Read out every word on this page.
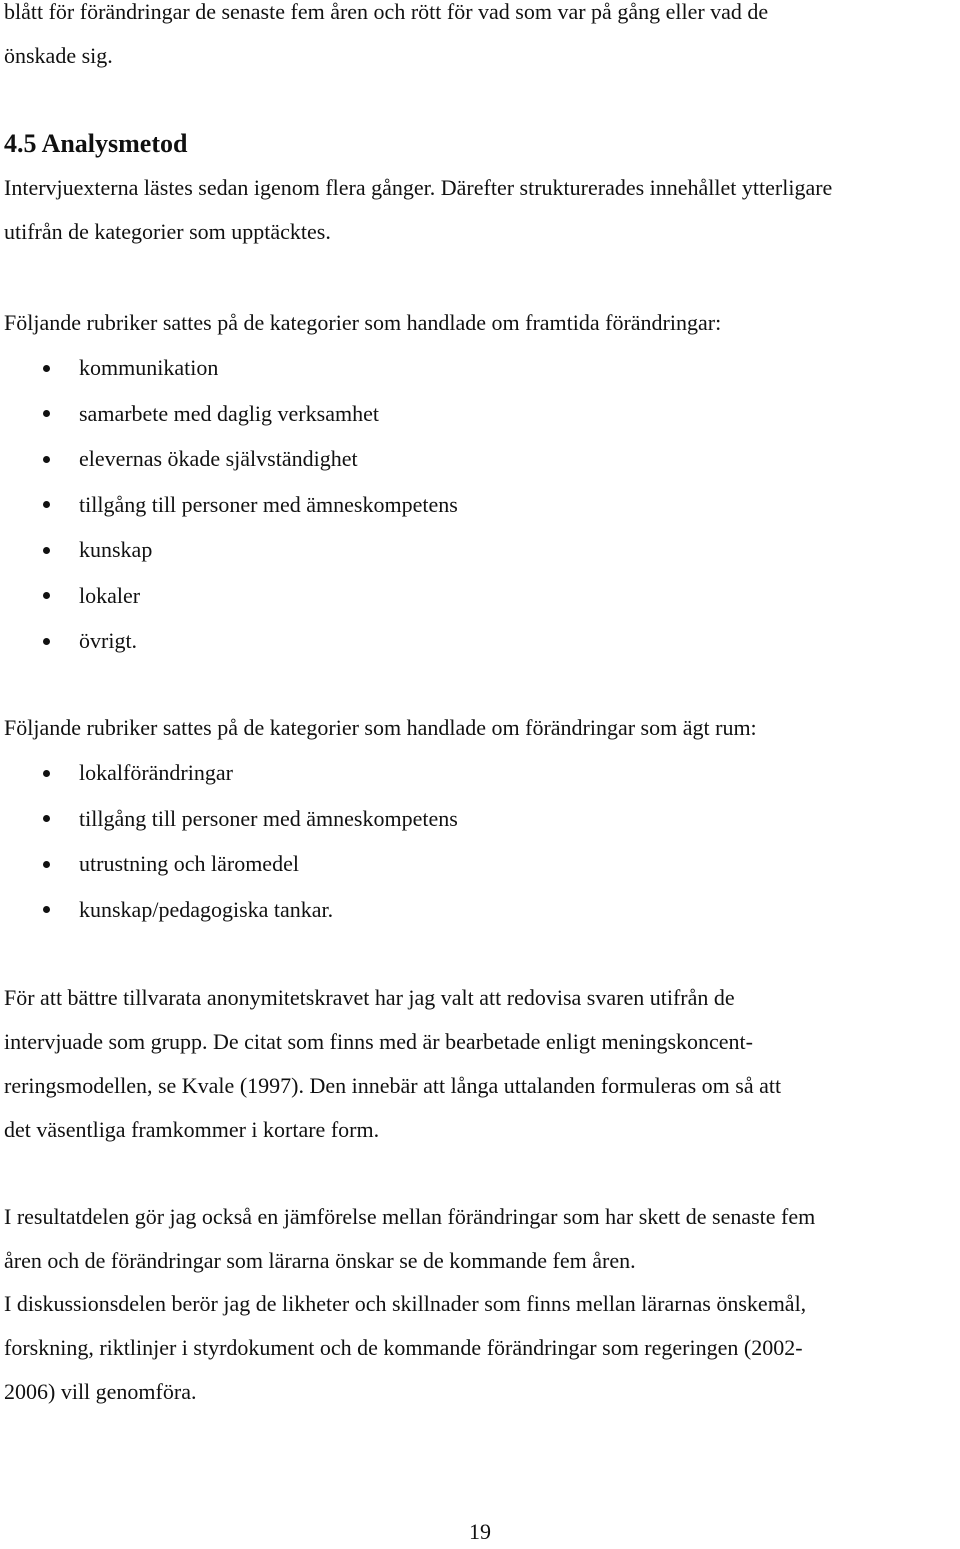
blått för förändringar de senaste fem åren och rött för vad som var på gång eller vad de

önskade sig.

4.5 Analysmetod

Intervjuexterna lästes sedan igenom flera gånger. Därefter strukturerades innehållet ytterligare

utifrån de kategorier som upptäcktes.

Följande rubriker sattes på de kategorier som handlade om framtida förändringar:

kommunikation
samarbete med daglig verksamhet
elevernas ökade självständighet
tillgång till personer med ämneskompetens
kunskap
lokaler
övrigt.

Följande rubriker sattes på de kategorier som handlade om förändringar som ägt rum:

lokalförändringar
tillgång till personer med ämneskompetens
utrustning och läromedel
kunskap/pedagogiska tankar.

För att bättre tillvarata anonymitetskravet har jag valt att redovisa svaren utifrån de

intervjuade som grupp. De citat som finns med är bearbetade enligt meningskoncent-

reringsmodellen, se Kvale (1997). Den innebär att långa uttalanden formuleras om så att

det väsentliga framkommer i kortare form.

I resultatdelen gör jag också en jämförelse mellan förändringar som har skett de senaste fem

åren och de förändringar som lärarna önskar se de kommande fem åren.

I diskussionsdelen berör jag de likheter och skillnader som finns mellan lärarnas önskemål,

forskning, riktlinjer i styrdokument och de kommande förändringar som regeringen (2002-

2006) vill genomföra.

19
